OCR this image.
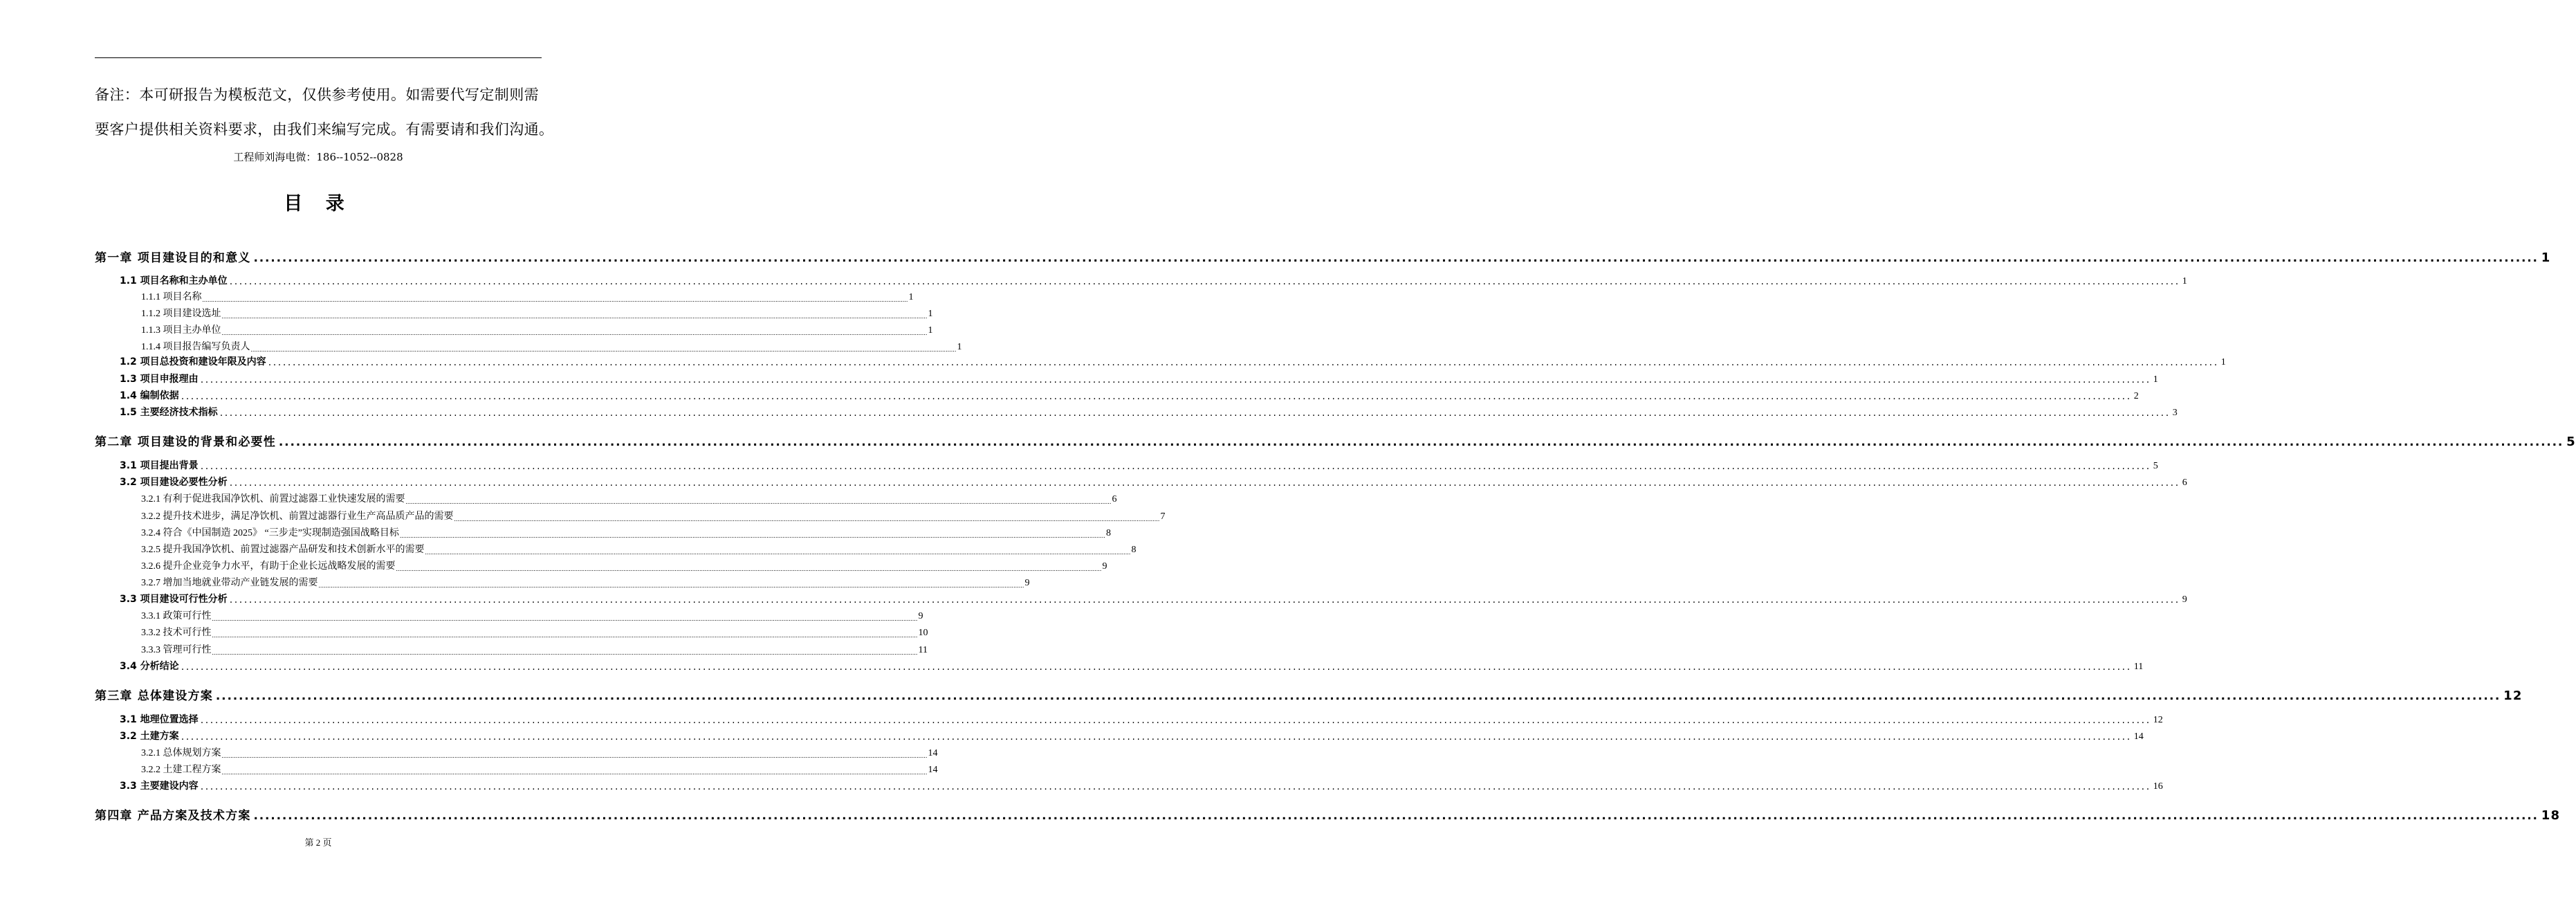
备注：本可研报告为模板范文，仅供参考使用。如需要代写定制则需
要客户提供相关资料要求，由我们来编写完成。有需要请和我们沟通。
工程师刘海电微：186--1052--0828
目 录
第一章 项目建设目的和意义 ................................................................................................................................................................................................................................................................................................................................................................................................................ 1
1.1 项目名称和主办单位 ................................................................................................................................................................................................................................................................................................................................................................................................................ 1
1.1.1 项目名称 ................................................................................................................................................................................................................................................................................................................................................................................................................ 1
1.1.2 项目建设选址 ................................................................................................................................................................................................................................................................................................................................................................................................................ 1
1.1.3 项目主办单位 ................................................................................................................................................................................................................................................................................................................................................................................................................ 1
1.1.4 项目报告编写负责人 ................................................................................................................................................................................................................................................................................................................................................................................................................ 1
1.2 项目总投资和建设年限及内容 ................................................................................................................................................................................................................................................................................................................................................................................................................ 1
1.3 项目申报理由 ................................................................................................................................................................................................................................................................................................................................................................................................................ 1
1.4 编制依据 ................................................................................................................................................................................................................................................................................................................................................................................................................ 2
1.5 主要经济技术指标 ................................................................................................................................................................................................................................................................................................................................................................................................................ 3
第二章 项目建设的背景和必要性 ................................................................................................................................................................................................................................................................................................................................................................................................................ 5
3.1 项目提出背景 ................................................................................................................................................................................................................................................................................................................................................................................................................ 5
3.2 项目建设必要性分析 ................................................................................................................................................................................................................................................................................................................................................................................................................ 6
3.2.1 有利于促进我国净饮机、前置过滤器工业快速发展的需要 ................................................................................................................................................................................................................................................................................................................................................................................................................ 6
3.2.2 提升技术进步，满足净饮机、前置过滤器行业生产高品质产品的需要 ................................................................................................................................................................................................................................................................................................................................................................................................................ 7
3.2.4 符合《中国制造 2025》 “三步走”实现制造强国战略目标 ................................................................................................................................................................................................................................................................................................................................................................................................................ 8
3.2.5 提升我国净饮机、前置过滤器产品研发和技术创新水平的需要 ................................................................................................................................................................................................................................................................................................................................................................................................................ 8
3.2.6 提升企业竞争力水平，有助于企业长远战略发展的需要 ................................................................................................................................................................................................................................................................................................................................................................................................................ 9
3.2.7 增加当地就业带动产业链发展的需要 ................................................................................................................................................................................................................................................................................................................................................................................................................ 9
3.3 项目建设可行性分析 ................................................................................................................................................................................................................................................................................................................................................................................................................ 9
3.3.1 政策可行性 ................................................................................................................................................................................................................................................................................................................................................................................................................ 9
3.3.2 技术可行性 ................................................................................................................................................................................................................................................................................................................................................................................................................ 10
3.3.3 管理可行性 ................................................................................................................................................................................................................................................................................................................................................................................................................ 11
3.4 分析结论 ................................................................................................................................................................................................................................................................................................................................................................................................................ 11
第三章 总体建设方案 ................................................................................................................................................................................................................................................................................................................................................................................................................ 12
3.1 地理位置选择 ................................................................................................................................................................................................................................................................................................................................................................................................................ 12
3.2 土建方案 ................................................................................................................................................................................................................................................................................................................................................................................................................ 14
3.2.1 总体规划方案 ................................................................................................................................................................................................................................................................................................................................................................................................................ 14
3.2.2 土建工程方案 ................................................................................................................................................................................................................................................................................................................................................................................................................ 14
3.3 主要建设内容 ................................................................................................................................................................................................................................................................................................................................................................................................................ 16
第四章 产品方案及技术方案 ................................................................................................................................................................................................................................................................................................................................................................................................................ 18
第 2 页
